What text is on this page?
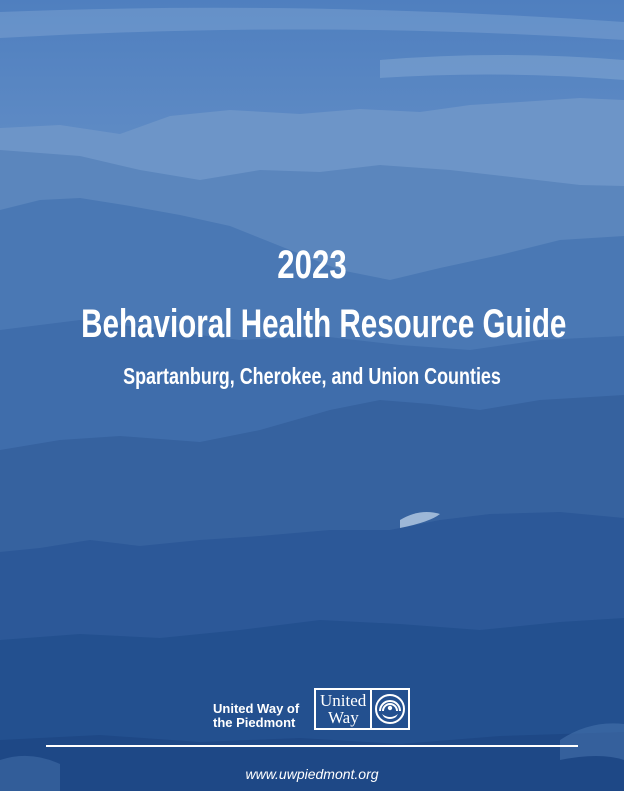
2023
Behavioral Health Resource Guide
Spartanburg, Cherokee, and Union Counties
United Way of
the Piedmont
United
Way
www.uwpiedmont.org
